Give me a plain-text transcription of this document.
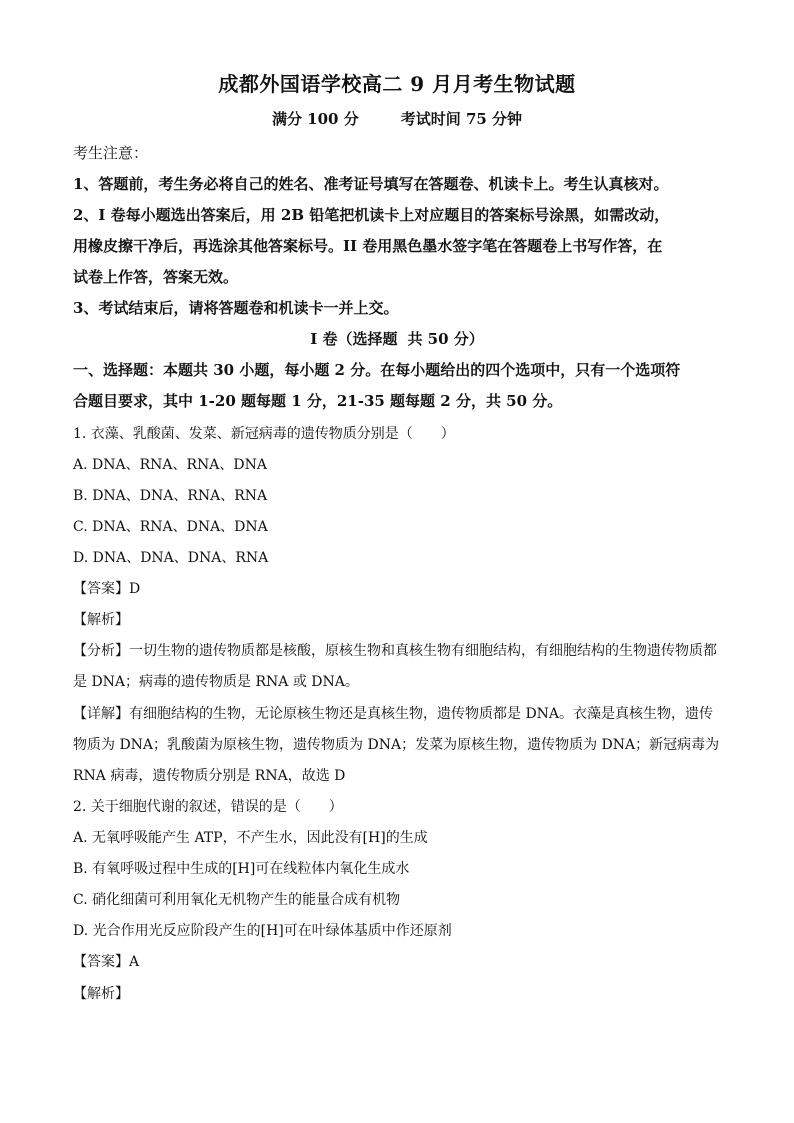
成都外国语学校高二 9 月月考生物试题
满分 100 分	考试时间 75 分钟
考生注意：
1、答题前，考生务必将自己的姓名、准考证号填写在答题卷、机读卡上。考生认真核对。
2、I 卷每小题选出答案后，用 2B 铅笔把机读卡上对应题目的答案标号涂黑，如需改动，
用橡皮擦干净后，再选涂其他答案标号。II 卷用黑色墨水签字笔在答题卷上书写作答，在
试卷上作答，答案无效。
3、考试结束后，请将答题卷和机读卡一并上交。
I 卷（选择题 共 50 分）
一、选择题：本题共 30 小题，每小题 2 分。在每小题给出的四个选项中，只有一个选项符
合题目要求，其中 1-20 题每题 1 分，21-35 题每题 2 分，共 50 分。
1. 衣藻、乳酸菌、发菜、新冠病毒的遗传物质分别是（　　）
A. DNA、RNA、RNA、DNA
B. DNA、DNA、RNA、RNA
C. DNA、RNA、DNA、DNA
D. DNA、DNA、DNA、RNA
【答案】D
【解析】
【分析】一切生物的遗传物质都是核酸，原核生物和真核生物有细胞结构，有细胞结构的生物遗传物质都
是 DNA；病毒的遗传物质是 RNA 或 DNA。
【详解】有细胞结构的生物，无论原核生物还是真核生物，遗传物质都是 DNA。衣藻是真核生物，遗传
物质为 DNA；乳酸菌为原核生物，遗传物质为 DNA；发菜为原核生物，遗传物质为 DNA；新冠病毒为
RNA 病毒，遗传物质分别是 RNA，故选 D
2. 关于细胞代谢的叙述，错误的是（　　）
A. 无氧呼吸能产生 ATP，不产生水，因此没有[H]的生成
B. 有氧呼吸过程中生成的[H]可在线粒体内氧化生成水
C. 硝化细菌可利用氧化无机物产生的能量合成有机物
D. 光合作用光反应阶段产生的[H]可在叶绿体基质中作还原剂
【答案】A
【解析】
